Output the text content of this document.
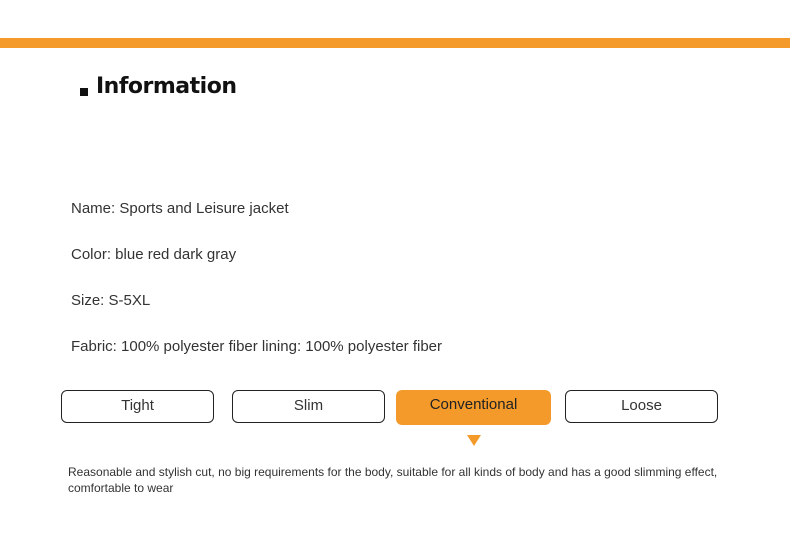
Information
Name: Sports and Leisure jacket
Color: blue red dark gray
Size: S-5XL
Fabric: 100% polyester fiber lining: 100% polyester fiber
Tight	Slim	Conventional	Loose
Reasonable and stylish cut, no big requirements for the body, suitable for all kinds of body and has a good slimming effect, comfortable to wear
